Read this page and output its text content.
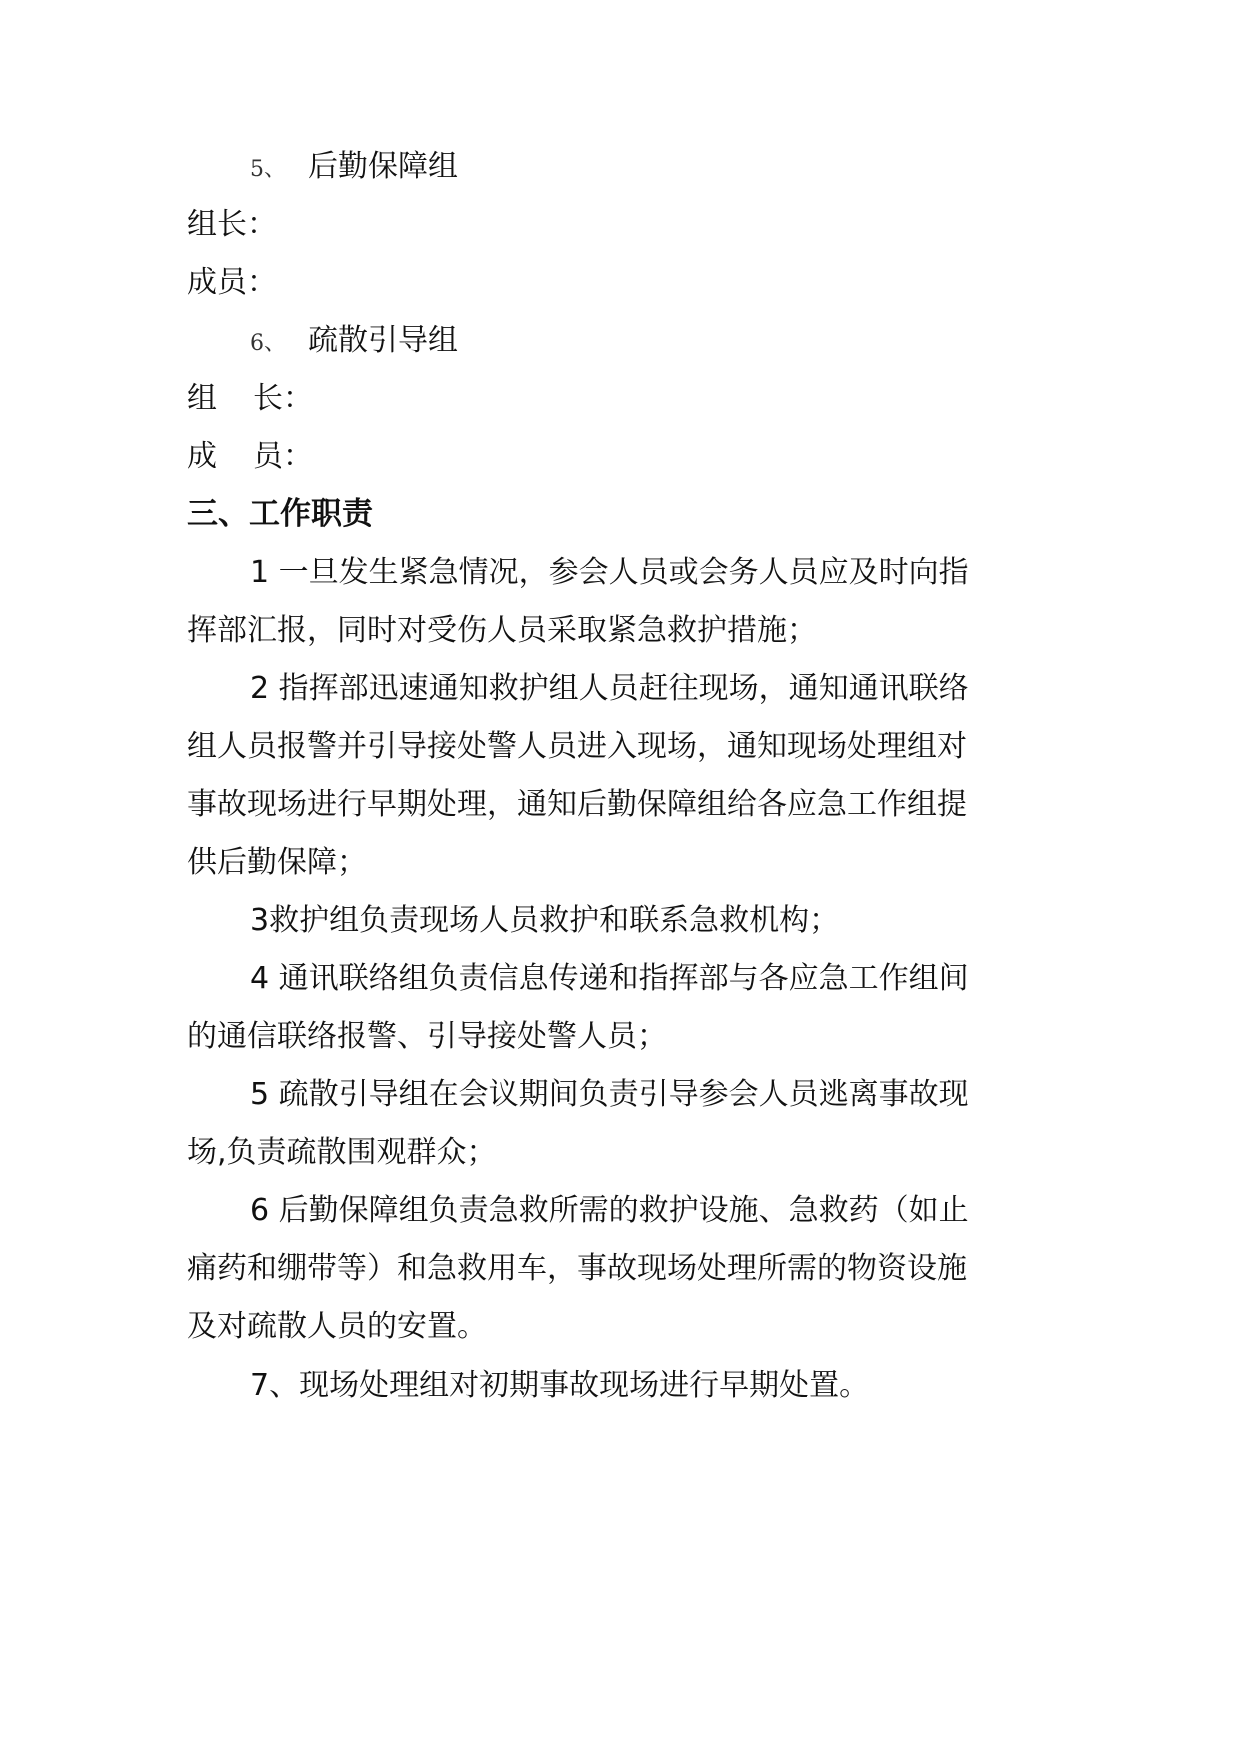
5、 后勤保障组
组长：
成员：
6、 疏散引导组
组 长：
成 员：
三、工作职责
1 一旦发生紧急情况，参会人员或会务人员应及时向指
挥部汇报，同时对受伤人员采取紧急救护措施；
2 指挥部迅速通知救护组人员赶往现场，通知通讯联络
组人员报警并引导接处警人员进入现场，通知现场处理组对
事故现场进行早期处理，通知后勤保障组给各应急工作组提
供后勤保障；
3救护组负责现场人员救护和联系急救机构；
4 通讯联络组负责信息传递和指挥部与各应急工作组间
的通信联络报警、引导接处警人员；
5 疏散引导组在会议期间负责引导参会人员逃离事故现
场,负责疏散围观群众；
6 后勤保障组负责急救所需的救护设施、急救药（如止
痛药和绷带等）和急救用车，事故现场处理所需的物资设施
及对疏散人员的安置。
7、现场处理组对初期事故现场进行早期处置。
